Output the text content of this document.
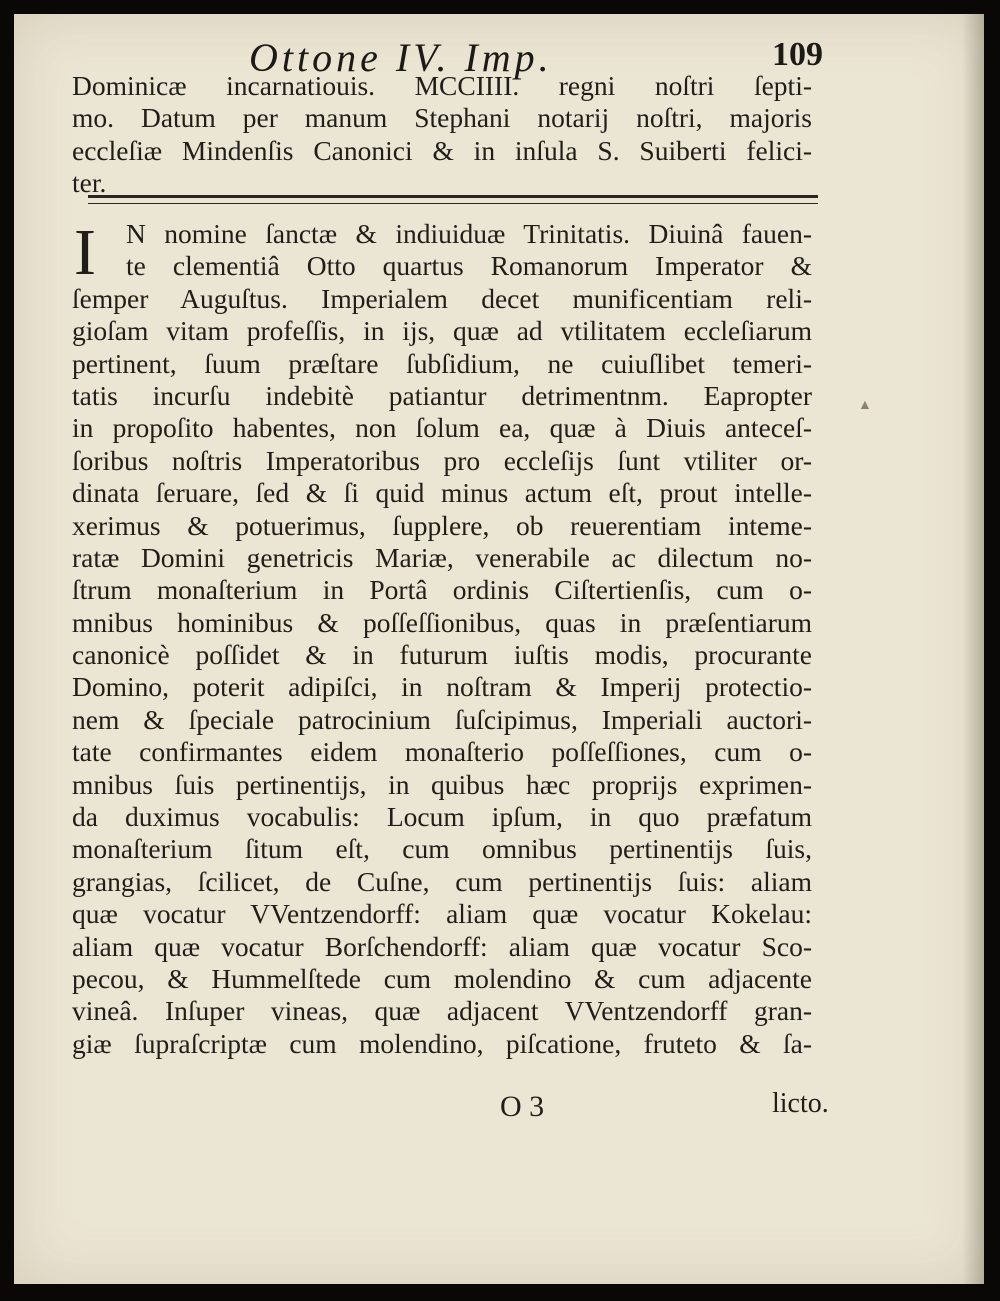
Ottone IV. Imp.	109
Dominicæ incarnatiouis. MCCIIII. regni noſtri ſepti-
mo. Datum per manum Stephani notarij noſtri, majoris
eccleſiæ Mindenſis Canonici & in inſula S. Suiberti felici-
ter.
I	N nomine ſanctæ & indiuiduæ Trinitatis. Diuinâ fauen-
te clementiâ Otto quartus Romanorum Imperator &
ſemper Auguſtus. Imperialem decet munificentiam reli-
gioſam vitam profeſſis, in ijs, quæ ad vtilitatem eccleſiarum
pertinent, ſuum præſtare ſubſidium, ne cuiuſlibet temeri-
tatis incurſu indebitè patiantur detrimentnm. Eapropter
in propoſito habentes, non ſolum ea, quæ à Diuis anteceſ-
ſoribus noſtris Imperatoribus pro eccleſijs ſunt vtiliter or-
dinata ſeruare, ſed & ſi quid minus actum eſt, prout intelle-
xerimus & potuerimus, ſupplere, ob reuerentiam inteme-
ratæ Domini genetricis Mariæ, venerabile ac dilectum no-
ſtrum monaſterium in Portâ ordinis Ciſtertienſis, cum o-
mnibus hominibus & poſſeſſionibus, quas in præſentiarum
canonicè poſſidet & in futurum iuſtis modis, procurante
Domino, poterit adipiſci, in noſtram & Imperij protectio-
nem & ſpeciale patrocinium ſuſcipimus, Imperiali auctori-
tate confirmantes eidem monaſterio poſſeſſiones, cum o-
mnibus ſuis pertinentijs, in quibus hæc proprijs exprimen-
da duximus vocabulis: Locum ipſum, in quo præfatum
monaſterium ſitum eſt, cum omnibus pertinentijs ſuis,
grangias, ſcilicet, de Cuſne, cum pertinentijs ſuis: aliam
quæ vocatur VVentzendorff: aliam quæ vocatur Kokelau:
aliam quæ vocatur Borſchendorff: aliam quæ vocatur Sco-
pecou, & Hummelſtede cum molendino & cum adjacente
vineâ. Inſuper vineas, quæ adjacent VVentzendorff gran-
giæ ſupraſcriptæ cum molendino, piſcatione, fruteto & ſa-
▲
O 3	licto.
